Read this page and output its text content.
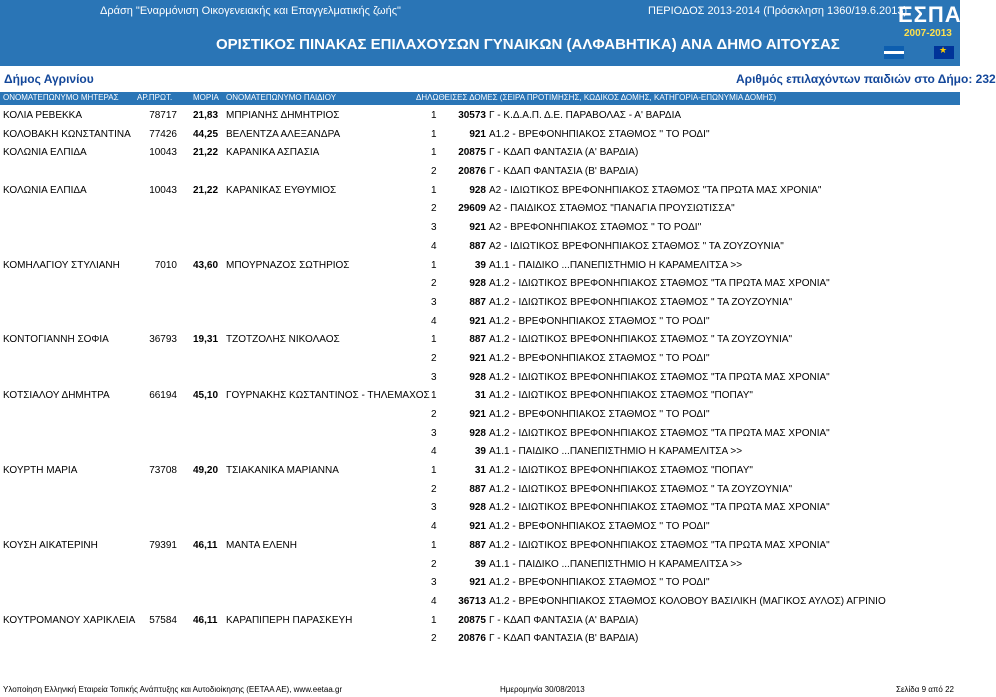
Δράση "Εναρμόνιση Οικογενειακής και Επαγγελματικής ζωής"	ΠΕΡΙΟΔΟΣ 2013-2014 (Πρόσκληση 1360/19.6.2013)
ΟΡΙΣΤΙΚΟΣ ΠΙΝΑΚΑΣ ΕΠΙΛΑΧΟΥΣΩΝ ΓΥΝΑΙΚΩΝ (ΑΛΦΑΒΗΤΙΚΑ) ΑΝΑ ΔΗΜΟ ΑΙΤΟΥΣΑΣ
ΕΣΠΑ
2007-2013
★
Δήμος Αγρινίου	Αριθμός επιλαχόντων παιδιών στο Δήμο: 232
ΟΝΟΜΑΤΕΠΩΝΥΜΟ ΜΗΤΕΡΑΣ ΑΡ.ΠΡΩΤ.	ΜΟΡΙΑ ΟΝΟΜΑΤΕΠΩΝΥΜΟ ΠΑΙΔΙΟΥ	ΔΗΛΩΘΕΙΣΕΣ ΔΟΜΕΣ (ΣΕΙΡΑ ΠΡΟΤΙΜΗΣΗΣ, ΚΩΔΙΚΟΣ ΔΟΜΗΣ, ΚΑΤΗΓΟΡΙΑ-ΕΠΩΝΥΜΙΑ ΔΟΜΗΣ)
ΚΟΛΙΑ ΡΕΒΕΚΚΑ	78717 21,83 ΜΠΡΙΑΝΗΣ ΔΗΜΗΤΡΙΟΣ	1	30573 Γ - Κ.Δ.Α.Π. Δ.Ε. ΠΑΡΑΒΟΛΑΣ - Α' ΒΑΡΔΙΑ
ΚΟΛΟΒΑΚΗ ΚΩΝΣΤΑΝΤΙΝΑ	77426 44,25 ΒΕΛΕΝΤΖΑ ΑΛΕΞΑΝΔΡΑ	1	921 Α1.2 - ΒΡΕΦΟΝΗΠΙΑΚΟΣ ΣΤΑΘΜΟΣ '' ΤΟ ΡΟΔΙ''
ΚΟΛΩΝΙΑ ΕΛΠΙΔΑ	10043 21,22 ΚΑΡΑΝΙΚΑ ΑΣΠΑΣΙΑ	1	20875 Γ - ΚΔΑΠ ΦΑΝΤΑΣΙΑ (Α' ΒΑΡΔΙΑ)
2	20876 Γ - ΚΔΑΠ ΦΑΝΤΑΣΙΑ (Β' ΒΑΡΔΙΑ)
ΚΟΛΩΝΙΑ ΕΛΠΙΔΑ	10043 21,22 ΚΑΡΑΝΙΚΑΣ ΕΥΘΥΜΙΟΣ	1	928 Α2 - ΙΔΙΩΤΙΚΟΣ ΒΡΕΦΟΝΗΠΙΑΚΟΣ ΣΤΑΘΜΟΣ "ΤΑ ΠΡΩΤΑ ΜΑΣ ΧΡΟΝΙΑ"
2	29609 Α2 - ΠΑΙΔΙΚΟΣ ΣΤΑΘΜΟΣ "ΠΑΝΑΓΙΑ ΠΡΟΥΣΙΩΤΙΣΣΑ"
3	921 Α2 - ΒΡΕΦΟΝΗΠΙΑΚΟΣ ΣΤΑΘΜΟΣ '' ΤΟ ΡΟΔΙ''
4	887 Α2 - ΙΔΙΩΤΙΚΟΣ ΒΡΕΦΟΝΗΠΙΑΚΟΣ ΣΤΑΘΜΟΣ " ΤΑ ΖΟΥΖΟΥΝΙΑ"
ΚΟΜΗΛΑΓΙΟΥ ΣΤΥΛΙΑΝΗ	7010 43,60 ΜΠΟΥΡΝΑΖΟΣ ΣΩΤΗΡΙΟΣ	1	39 Α1.1 - ΠΑΙΔΙΚΟ ...ΠΑΝΕΠΙΣΤΗΜΙΟ Η ΚΑΡΑΜΕΛΙΤΣΑ >>
2	928 Α1.2 - ΙΔΙΩΤΙΚΟΣ ΒΡΕΦΟΝΗΠΙΑΚΟΣ ΣΤΑΘΜΟΣ "ΤΑ ΠΡΩΤΑ ΜΑΣ ΧΡΟΝΙΑ"
3	887 Α1.2 - ΙΔΙΩΤΙΚΟΣ ΒΡΕΦΟΝΗΠΙΑΚΟΣ ΣΤΑΘΜΟΣ " ΤΑ ΖΟΥΖΟΥΝΙΑ"
4	921 Α1.2 - ΒΡΕΦΟΝΗΠΙΑΚΟΣ ΣΤΑΘΜΟΣ '' ΤΟ ΡΟΔΙ''
ΚΟΝΤΟΓΙΑΝΝΗ ΣΟΦΙΑ	36793 19,31 ΤΖΟΤΖΟΛΗΣ ΝΙΚΟΛΑΟΣ	1	887 Α1.2 - ΙΔΙΩΤΙΚΟΣ ΒΡΕΦΟΝΗΠΙΑΚΟΣ ΣΤΑΘΜΟΣ " ΤΑ ΖΟΥΖΟΥΝΙΑ"
2	921 Α1.2 - ΒΡΕΦΟΝΗΠΙΑΚΟΣ ΣΤΑΘΜΟΣ '' ΤΟ ΡΟΔΙ''
3	928 Α1.2 - ΙΔΙΩΤΙΚΟΣ ΒΡΕΦΟΝΗΠΙΑΚΟΣ ΣΤΑΘΜΟΣ "ΤΑ ΠΡΩΤΑ ΜΑΣ ΧΡΟΝΙΑ"
ΚΟΤΣΙΑΛΟΥ ΔΗΜΗΤΡΑ	66194 45,10 ΓΟΥΡΝΑΚΗΣ ΚΩΣΤΑΝΤΙΝΟΣ - ΤΗΛΕΜΑΧΟΣ 1	31 Α1.2 - ΙΔΙΩΤΙΚΟΣ ΒΡΕΦΟΝΗΠΙΑΚΟΣ ΣΤΑΘΜΟΣ "ΠΟΠΑΥ"
2	921 Α1.2 - ΒΡΕΦΟΝΗΠΙΑΚΟΣ ΣΤΑΘΜΟΣ '' ΤΟ ΡΟΔΙ''
3	928 Α1.2 - ΙΔΙΩΤΙΚΟΣ ΒΡΕΦΟΝΗΠΙΑΚΟΣ ΣΤΑΘΜΟΣ "ΤΑ ΠΡΩΤΑ ΜΑΣ ΧΡΟΝΙΑ"
4	39 Α1.1 - ΠΑΙΔΙΚΟ ...ΠΑΝΕΠΙΣΤΗΜΙΟ Η ΚΑΡΑΜΕΛΙΤΣΑ >>
ΚΟΥΡΤΗ ΜΑΡΙΑ	73708 49,20 ΤΣΙΑΚΑΝΙΚΑ ΜΑΡΙΑΝΝΑ	1	31 Α1.2 - ΙΔΙΩΤΙΚΟΣ ΒΡΕΦΟΝΗΠΙΑΚΟΣ ΣΤΑΘΜΟΣ "ΠΟΠΑΥ"
2	887 Α1.2 - ΙΔΙΩΤΙΚΟΣ ΒΡΕΦΟΝΗΠΙΑΚΟΣ ΣΤΑΘΜΟΣ " ΤΑ ΖΟΥΖΟΥΝΙΑ"
3	928 Α1.2 - ΙΔΙΩΤΙΚΟΣ ΒΡΕΦΟΝΗΠΙΑΚΟΣ ΣΤΑΘΜΟΣ "ΤΑ ΠΡΩΤΑ ΜΑΣ ΧΡΟΝΙΑ"
4	921 Α1.2 - ΒΡΕΦΟΝΗΠΙΑΚΟΣ ΣΤΑΘΜΟΣ '' ΤΟ ΡΟΔΙ''
ΚΟΥΣΗ ΑΙΚΑΤΕΡΙΝΗ	79391 46,11 ΜΑΝΤΑ ΕΛΕΝΗ	1	887 Α1.2 - ΙΔΙΩΤΙΚΟΣ ΒΡΕΦΟΝΗΠΙΑΚΟΣ ΣΤΑΘΜΟΣ "ΤΑ ΠΡΩΤΑ ΜΑΣ ΧΡΟΝΙΑ"
2	39 Α1.1 - ΠΑΙΔΙΚΟ ...ΠΑΝΕΠΙΣΤΗΜΙΟ Η ΚΑΡΑΜΕΛΙΤΣΑ >>
3	921 Α1.2 - ΒΡΕΦΟΝΗΠΙΑΚΟΣ ΣΤΑΘΜΟΣ '' ΤΟ ΡΟΔΙ''
4	36713 Α1.2 - ΒΡΕΦΟΝΗΠΙΑΚΟΣ ΣΤΑΘΜΟΣ ΚΟΛΟΒΟΥ ΒΑΣΙΛΙΚΗ (ΜΑΓΙΚΟΣ ΑΥΛΟΣ) ΑΓΡΙΝΙΟ
ΚΟΥΤΡΟΜΑΝΟΥ ΧΑΡΙΚΛΕΙΑ	57584 46,11 ΚΑΡΑΠΙΠΕΡΗ ΠΑΡΑΣΚΕΥΗ	1	20875 Γ - ΚΔΑΠ ΦΑΝΤΑΣΙΑ (Α' ΒΑΡΔΙΑ)
2	20876 Γ - ΚΔΑΠ ΦΑΝΤΑΣΙΑ (Β' ΒΑΡΔΙΑ)
Υλοποίηση Ελληνική Εταιρεία Τοπικής Ανάπτυξης και Αυτοδιοίκησης (ΕΕΤΑΑ ΑΕ), www.eetaa.gr	Ημερομηνία 30/08/2013	Σελίδα 9 από 22
